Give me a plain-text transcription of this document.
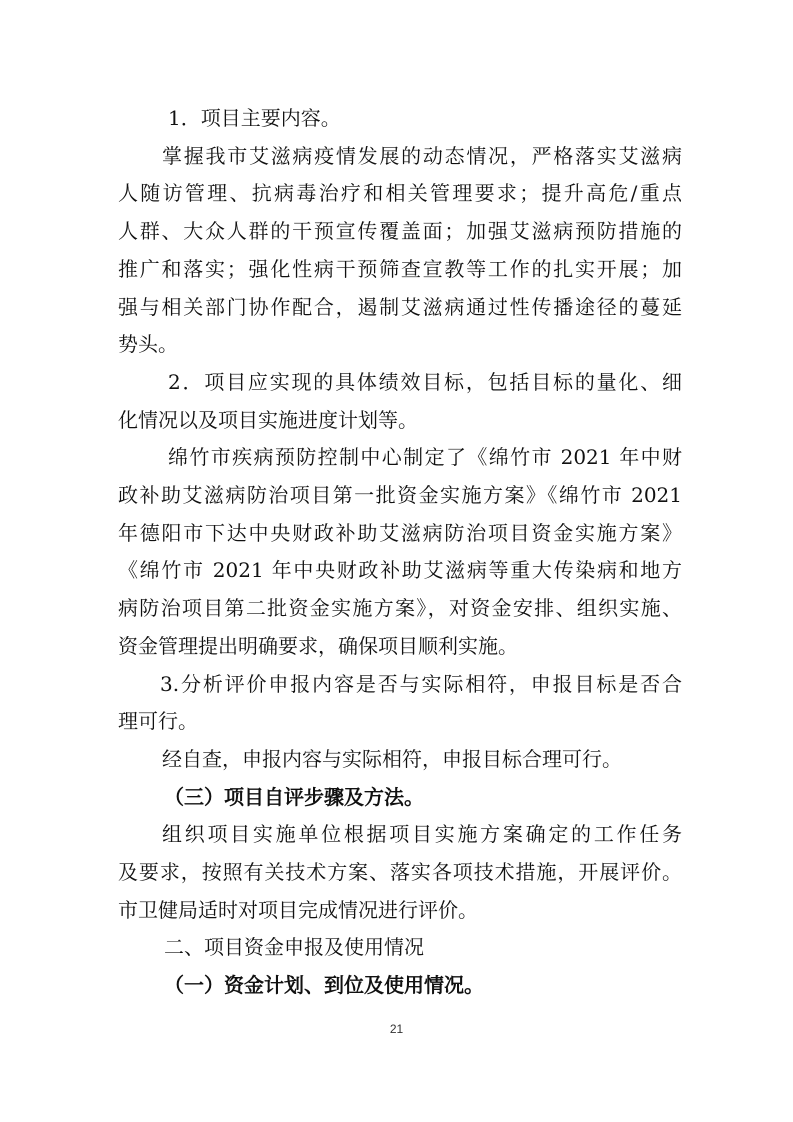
1．项目主要内容。

掌握我市艾滋病疫情发展的动态情况，严格落实艾滋病

人随访管理、抗病毒治疗和相关管理要求；提升高危/重点

人群、大众人群的干预宣传覆盖面；加强艾滋病预防措施的

推广和落实；强化性病干预筛查宣教等工作的扎实开展；加

强与相关部门协作配合，遏制艾滋病通过性传播途径的蔓延

势头。

2．项目应实现的具体绩效目标，包括目标的量化、细

化情况以及项目实施进度计划等。

绵竹市疾病预防控制中心制定了《绵竹市 2021 年中财

政补助艾滋病防治项目第一批资金实施方案》《绵竹市 2021

年德阳市下达中央财政补助艾滋病防治项目资金实施方案》

《绵竹市 2021 年中央财政补助艾滋病等重大传染病和地方

病防治项目第二批资金实施方案》，对资金安排、组织实施、

资金管理提出明确要求，确保项目顺利实施。

3.分析评价申报内容是否与实际相符，申报目标是否合

理可行。

经自查，申报内容与实际相符，申报目标合理可行。

（三）项目自评步骤及方法。

组织项目实施单位根据项目实施方案确定的工作任务

及要求，按照有关技术方案、落实各项技术措施，开展评价。

市卫健局适时对项目完成情况进行评价。

二、项目资金申报及使用情况

（一）资金计划、到位及使用情况。

21
